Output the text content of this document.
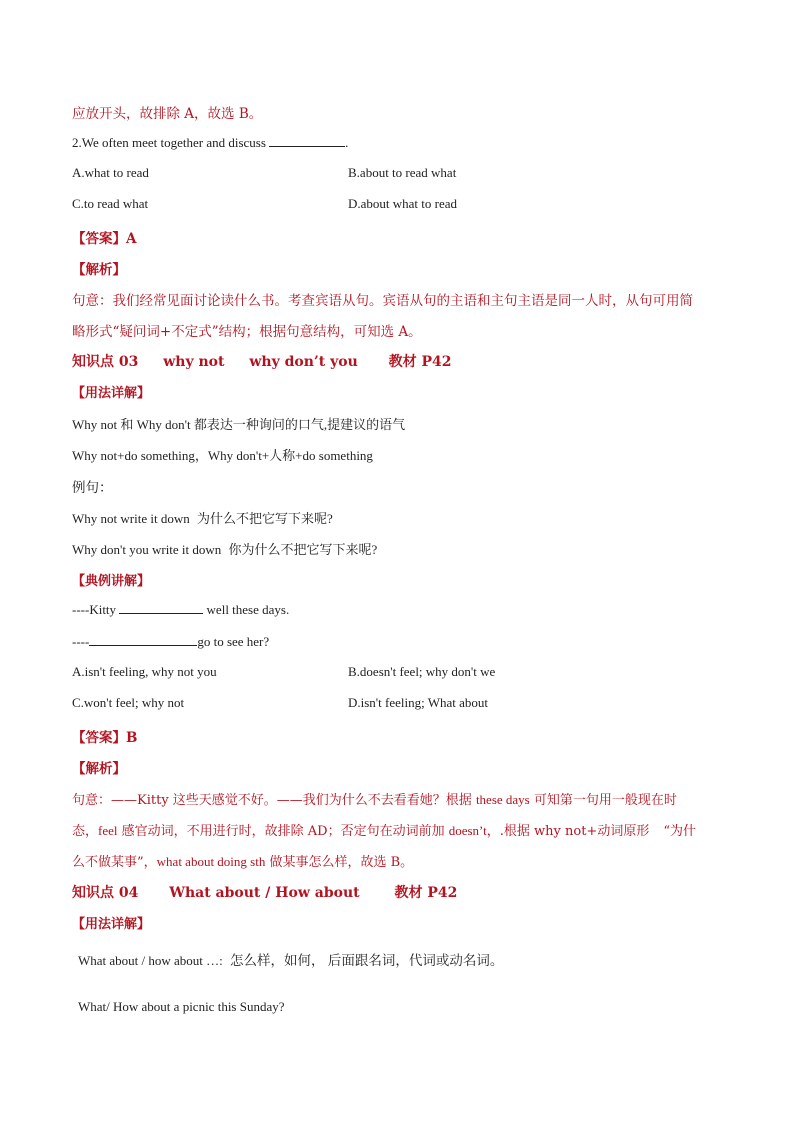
应放开头，故排除 A，故选 B。
2.We often meet together and discuss	.
A.what to read	B.about to read what
C.to read what	D.about what to read
【答案】A
【解析】
句意：我们经常见面讨论读什么书。考查宾语从句。宾语从句的主语和主句主语是同一人时，从句可用简
略形式“疑问词+不定式”结构；根据句意结构，可知选 A。
知识点 03 why not why don’t you 教材 P42
【用法详解】
Why not 和 Why don't 都表达一种询问的口气,提建议的语气
Why not+do something，Why don't+人称+do something
例句：
Why not write it down 为什么不把它写下来呢?
Why don't you write it down 你为什么不把它写下来呢?
【典例讲解】
----Kitty	well these days.
----	go to see her?
A.isn't feeling, why not you	B.doesn't feel; why don't we
C.won't feel; why not	D.isn't feeling; What about
【答案】B
【解析】
句意：——Kitty 这些天感觉不好。——我们为什么不去看看她？根据 these days 可知第一句用一般现在时
态，feel 感官动词，不用进行时，故排除 AD；否定句在动词前加 doesn’t，.根据 why not+动词原形 “为什
么不做某事”，what about doing sth 做某事怎么样，故选 B。
知识点 04 What about / How about 教材 P42
【用法详解】
What about / how about …: 怎么样，如何， 后面跟名词，代词或动名词。
What/ How about a picnic this Sunday?
